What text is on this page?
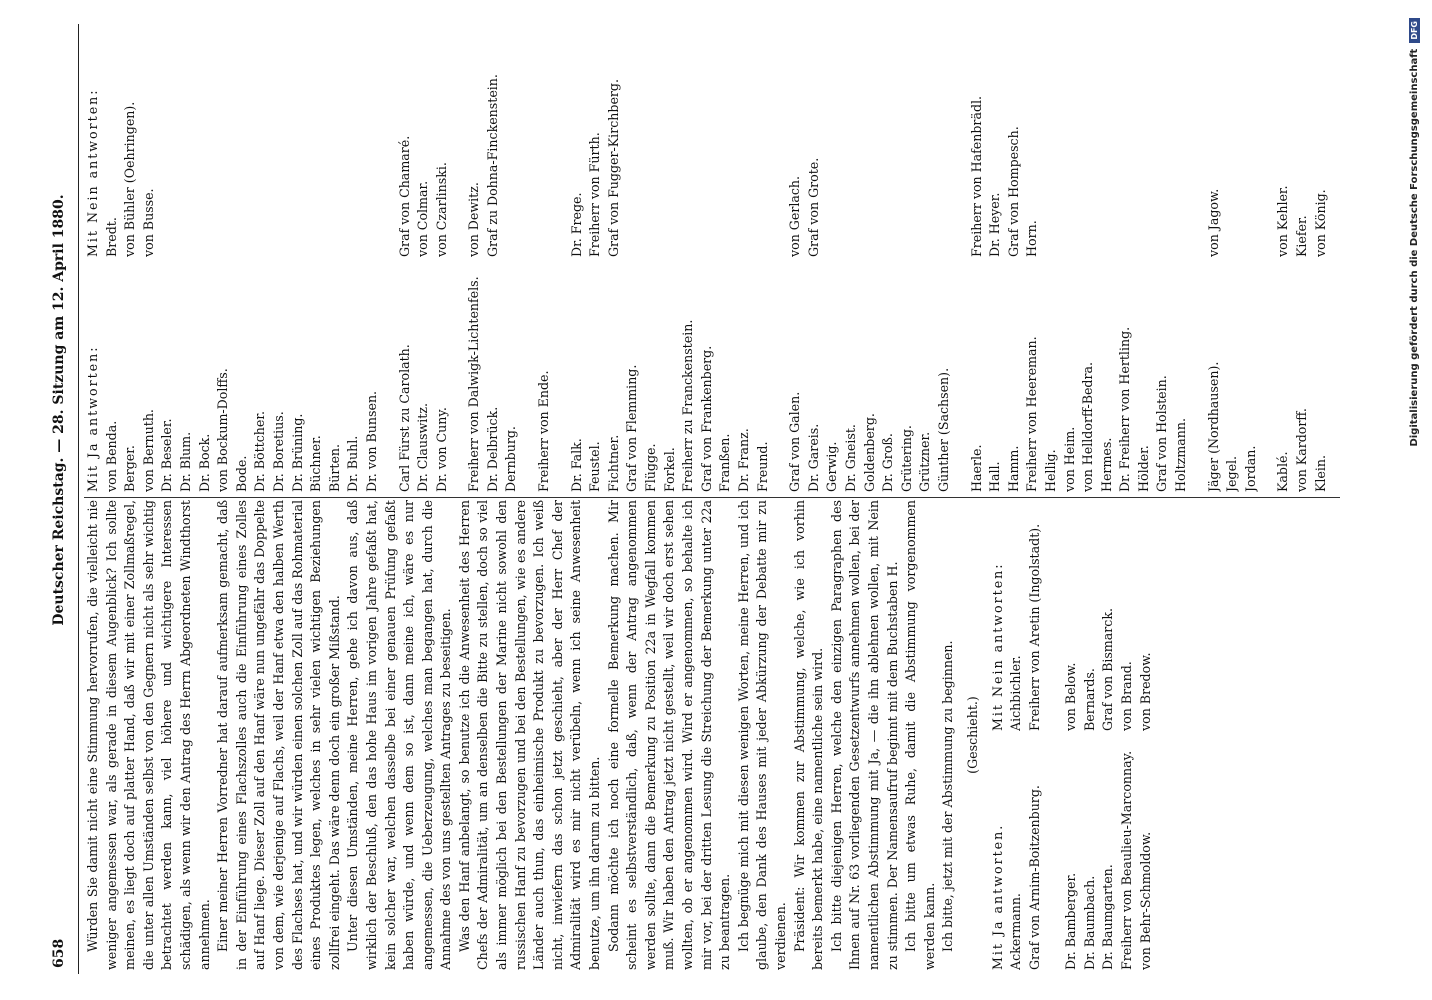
658
Deutscher Reichstag. — 28. Sitzung am 12. April 1880.

Würden Sie damit nicht eine Stimmung hervorrufen, die vielleicht nie weniger angemessen war, als gerade in diesem Augenblick? Ich sollte meinen, es liegt doch auf platter Hand, daß wir mit einer Zollmaßregel, die unter allen Umständen selbst von den Gegnern nicht als sehr wichtig betrachtet werden kann, viel höhere und wichtigere Interessen schädigen, als wenn wir den Antrag des Herrn Abgeordneten Windthorst annehmen. Einer meiner Herren Vorredner hat darauf aufmerksam gemacht, daß in der Einführung eines Flachszolles auch die Einführung eines Zolles auf Hanf liege. Dieser Zoll auf den Hanf wäre nun ungefähr das Doppelte von dem, wie derjenige auf Flachs, weil der Hanf etwa den halben Werth des Flachses hat, und wir würden einen solchen Zoll auf das Rohmaterial eines Produktes legen, welches in sehr vielen wichtigen Beziehungen zollfrei eingeht. Das wäre denn doch ein großer Mißstand. Unter diesen Umständen, meine Herren, gehe ich davon aus, daß wirklich der Beschluß, den das hohe Haus im vorigen Jahre gefaßt hat, kein solcher war, welchen dasselbe bei einer genauen Prüfung gefaßt haben würde, und wenn dem so ist, dann meine ich, wäre es nur angemessen, die Ueberzeugung, welches man begangen hat, durch die Annahme des von uns gestellten Antrages zu beseitigen. Was den Hanf anbelangt, so benutze ich die Anwesenheit des Herren Chefs der Admiralität, um an denselben die Bitte zu stellen, doch so viel als immer möglich bei den Bestellungen der Marine nicht sowohl den russischen Hanf zu bevorzugen und bei den Bestellungen, wie es andere Länder auch thun, das einheimische Produkt zu bevorzugen. Ich weiß nicht, inwiefern das schon jetzt geschieht, aber der Herr Chef der Admiralität wird es mir nicht verübeln, wenn ich seine Anwesenheit benutze, um ihn darum zu bitten. Sodann möchte ich noch eine formelle Bemerkung machen. Mir scheint es selbstverständlich, daß, wenn der Antrag angenommen werden sollte, dann die Bemerkung zu Position 22a in Wegfall kommen muß. Wir haben den Antrag jetzt nicht gestellt, weil wir doch erst sehen wollten, ob er angenommen wird. Wird er angenommen, so behalte ich mir vor, bei der dritten Lesung die Streichung der Bemerkung unter 22a zu beantragen. Ich begnüge mich mit diesen wenigen Worten, meine Herren, und ich glaube, den Dank des Hauses mit jeder Abkürzung der Debatte mir zu verdienen. Präsident: Wir kommen zur Abstimmung, welche, wie ich vorhin bereits bemerkt habe, eine namentliche sein wird. Ich bitte diejenigen Herren, welche den einzigen Paragraphen des Ihnen auf Nr. 63 vorliegenden Gesetzentwurfs annehmen wollen, bei der namentlichen Abstimmung mit Ja, — die ihn ablehnen wollen, mit Nein zu stimmen. Der Namensaufruf beginnt mit dem Buchstaben H. Ich bitte um etwas Ruhe, damit die Abstimmung vorgenommen werden kann. Ich bitte, jetzt mit der Abstimmung zu beginnen. (Geschieht.)

Mit Ja antworten.
Mit Nein antworten:
Ackermann. Graf von Arnim-Boitzenburg.
Aichbichler. Freiherr von Aretin (Ingolstadt).
Dr. Bamberger. Dr. Baumbach. Dr. Baumgarten. Freiherr von Beaulieu-Marconnay. von Behr-Schmoldow.
von Below. Bernards. Graf von Bismarck. von Brand. von Bredow.
Mit Ja antworten:
Mit Nein antworten:
von Benda. Berger. von Bernuth. Dr. Beseler. Dr. Blum. Dr. Bock. von Bockum-Dolffs. Bode. Dr. Böttcher. Dr. Boretius. Dr. Brüning. Büchner. Bürten. Dr. Buhl. Dr. von Bunsen.
Bredt. von Bühler (Oehringen). von Busse.
Carl Fürst zu Carolath. Dr. Clauswitz. Dr. von Cuny.
Graf von Chamaré. von Colmar. von Czarlinski.
Freiherr von Dalwigk-Lichtenfels. Dr. Delbrück. Dernburg.
von Dewitz. Graf zu Dohna-Finckenstein.
Freiherr von Ende. Dr. Falk. Feustel. Fichtner. Graf von Flemming. Flügge. Forkel. Freiherr zu Franckenstein. Graf von Frankenberg. Franßen. Dr. Franz. Freund.
Dr. Frege. Freiherr von Fürth. Graf von Fugger-Kirchberg.
Graf von Galen. Dr. Gareis. Gerwig. Dr. Gneist. Goldenberg. Dr. Groß. Grütering. Grützner. Günther (Sachsen).
von Gerlach. Graf von Grote.
Haerle. Hall. Hamm. Freiherr von Heereman. Hellig. von Heim. von Helldorff-Bedra. Hermes. Dr. Freiherr von Hertling. Hölder. Graf von Holstein. Holtzmann.
Freiherr von Hafenbrädl. Dr. Heyer. Graf von Hompesch. Horn.
Jäger (Nordhausen). Jegel. Jordan.
von Jagow.
Kablé. von Kardorff. Klein.
von Kehler. Kiefer. von König.	Digitalisierung gefördert durch die Deutsche Forschungsgemeinschaft
DFG
